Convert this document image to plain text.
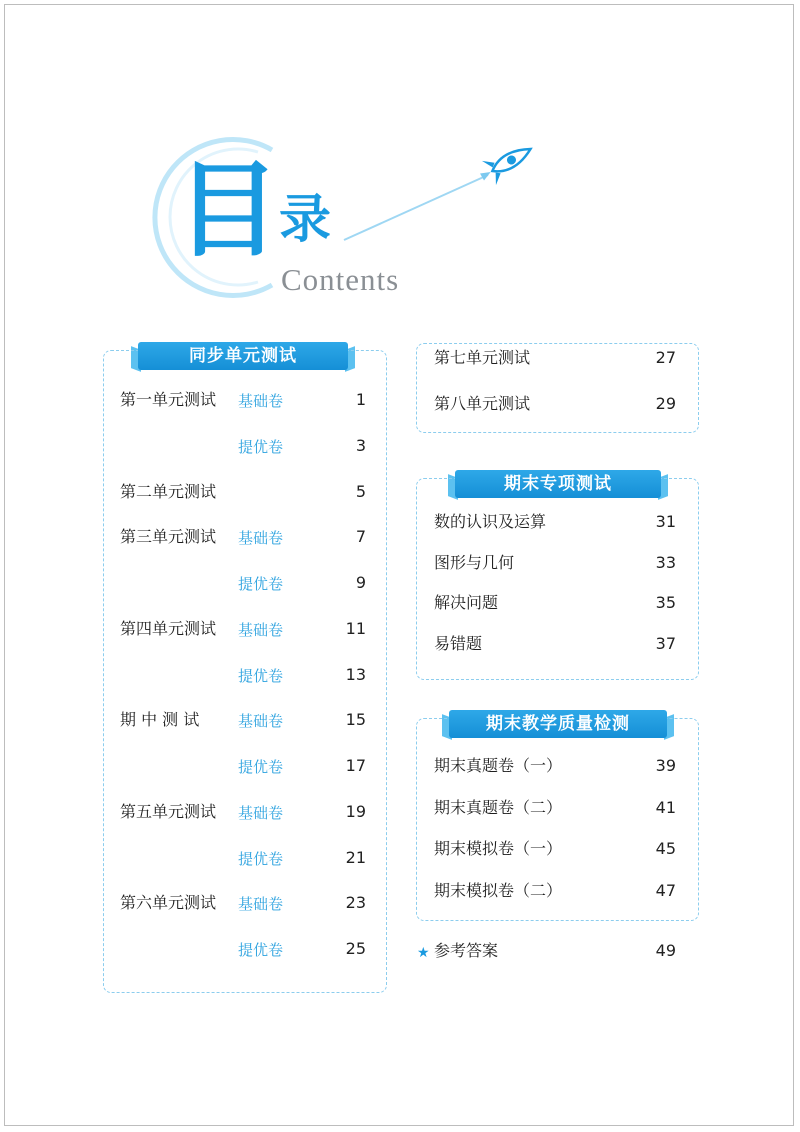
目
录
Contents
同步单元测试
第一单元测试 基础卷	1
提优卷	3
第二单元测试	5
第三单元测试 基础卷	7
提优卷	9
第四单元测试 基础卷	11
提优卷	13
期 中 测 试	基础卷	15
提优卷	17
第五单元测试 基础卷	19
提优卷	21
第六单元测试 基础卷	23
提优卷	25
第七单元测试	27
第八单元测试	29
期末专项测试
数的认识及运算	31
图形与几何	33
解决问题	35
易错题	37
期末教学质量检测
期末真题卷（一）	39
期末真题卷（二）	41
期末模拟卷（一）	45
期末模拟卷（二）	47
★ 参考答案	49
